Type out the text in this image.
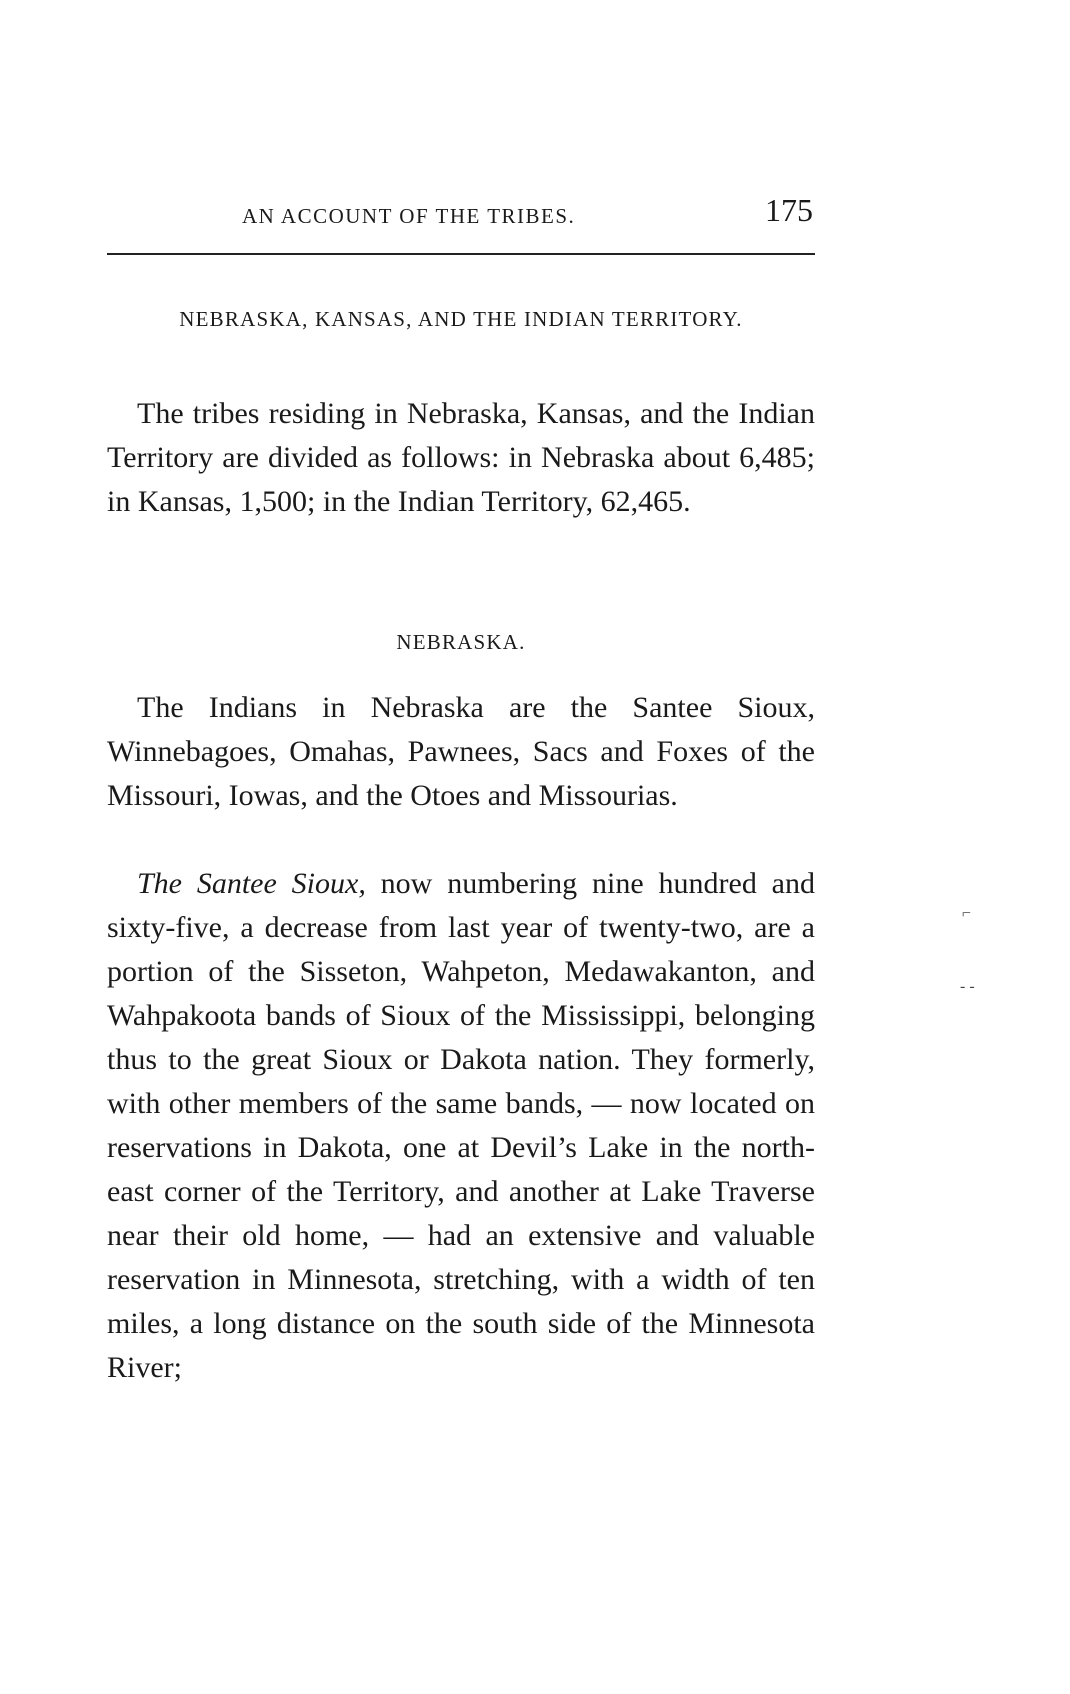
AN ACCOUNT OF THE TRIBES.	175
NEBRASKA, KANSAS, AND THE INDIAN TERRITORY.

The tribes residing in Nebraska, Kansas, and the Indian Territory are divided as follows: in Nebraska about 6,485; in Kansas, 1,500; in the Indian Territory, 62,465.

NEBRASKA.

The Indians in Nebraska are the Santee Sioux, Winnebagoes, Omahas, Pawnees, Sacs and Foxes of the Missouri, Iowas, and the Otoes and Missourias.

The Santee Sioux, now numbering nine hundred and sixty-five, a decrease from last year of twenty-two, are a portion of the Sisseton, Wahpeton, Medawakanton, and Wahpakoota bands of Sioux of the Mississippi, belonging thus to the great Sioux or Dakota nation. They formerly, with other members of the same bands, — now located on reservations in Dakota, one at Devil’s Lake in the north-east corner of the Territory, and another at Lake Traverse near their old home, — had an extensive and valuable reservation in Minnesota, stretching, with a width of ten miles, a long distance on the south side of the Minnesota River;

⌐
- -
